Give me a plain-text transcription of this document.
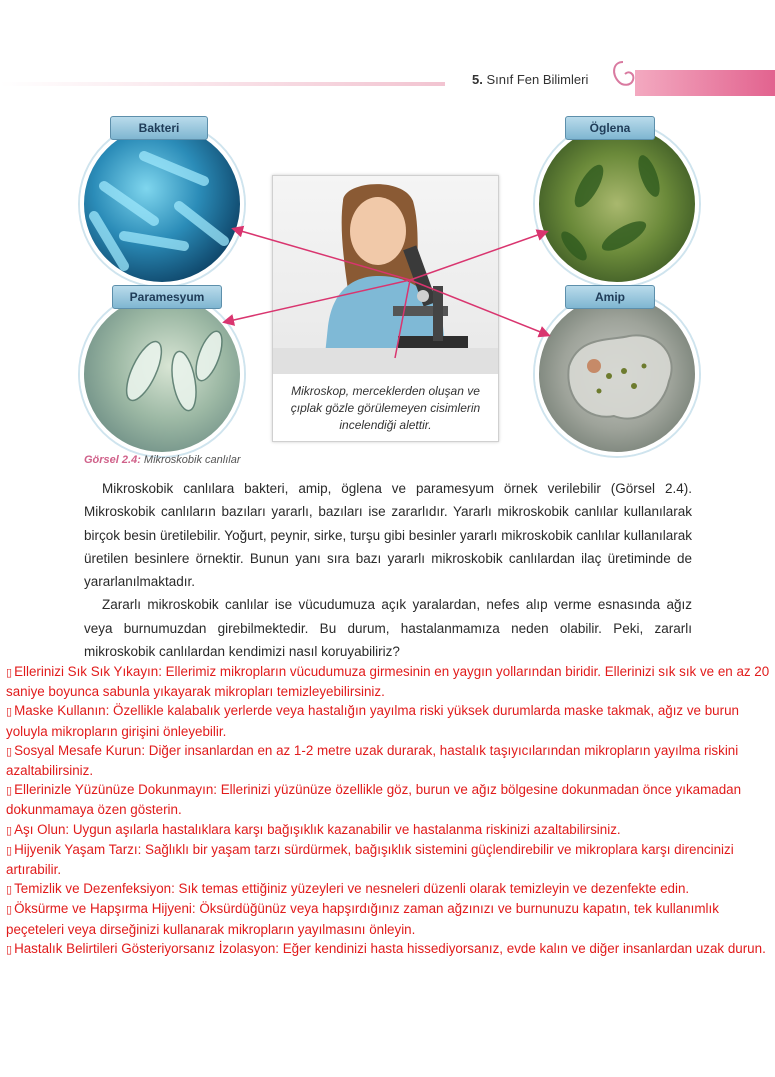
5. Sınıf Fen Bilimleri
Bakteri	Öglena
Paramesyum	Amip
Mikroskop, merceklerden oluşan ve çıplak gözle görülemeyen cisimlerin incelendiği alettir.
Görsel 2.4: Mikroskobik canlılar

Mikroskobik canlılara bakteri, amip, öglena ve paramesyum örnek verilebilir (Görsel 2.4). Mikroskobik canlıların bazıları yararlı, bazıları ise zararlıdır. Yararlı mikroskobik canlılar kullanılarak birçok besin üretilebilir. Yoğurt, peynir, sirke, turşu gibi besinler yararlı mikroskobik canlılar kullanılarak üretilen besinlere örnektir. Bunun yanı sıra bazı yararlı mikroskobik canlılardan ilaç üretiminde de yararlanılmaktadır.

Zararlı mikroskobik canlılar ise vücudumuza açık yaralardan, nefes alıp verme esnasında ağız veya burnumuzdan girebilmektedir. Bu durum, hastalanmamıza neden olabilir. Peki, zararlı mikroskobik canlılardan kendimizi nasıl koruyabiliriz?

▯ Ellerinizi Sık Sık Yıkayın: Ellerimiz mikropların vücudumuza girmesinin en yaygın yollarından biridir. Ellerinizi sık sık ve en az 20 saniye boyunca sabunla yıkayarak mikropları temizleyebilirsiniz.

▯ Maske Kullanın: Özellikle kalabalık yerlerde veya hastalığın yayılma riski yüksek durumlarda maske takmak, ağız ve burun yoluyla mikropların girişini önleyebilir.

▯ Sosyal Mesafe Kurun: Diğer insanlardan en az 1-2 metre uzak durarak, hastalık taşıyıcılarından mikropların yayılma riskini azaltabilirsiniz.

▯ Ellerinizle Yüzünüze Dokunmayın: Ellerinizi yüzünüze özellikle göz, burun ve ağız bölgesine dokunmadan önce yıkamadan dokunmamaya özen gösterin.

▯ Aşı Olun: Uygun aşılarla hastalıklara karşı bağışıklık kazanabilir ve hastalanma riskinizi azaltabilirsiniz.

▯ Hijyenik Yaşam Tarzı: Sağlıklı bir yaşam tarzı sürdürmek, bağışıklık sistemini güçlendirebilir ve mikroplara karşı direncinizi artırabilir.

▯ Temizlik ve Dezenfeksiyon: Sık temas ettiğiniz yüzeyleri ve nesneleri düzenli olarak temizleyin ve dezenfekte edin.

▯ Öksürme ve Hapşırma Hijyeni: Öksürdüğünüz veya hapşırdığınız zaman ağzınızı ve burnunuzu kapatın, tek kullanımlık peçeteleri veya dirseğinizi kullanarak mikropların yayılmasını önleyin.

▯ Hastalık Belirtileri Gösteriyorsanız İzolasyon: Eğer kendinizi hasta hissediyorsanız, evde kalın ve diğer insanlardan uzak durun.
